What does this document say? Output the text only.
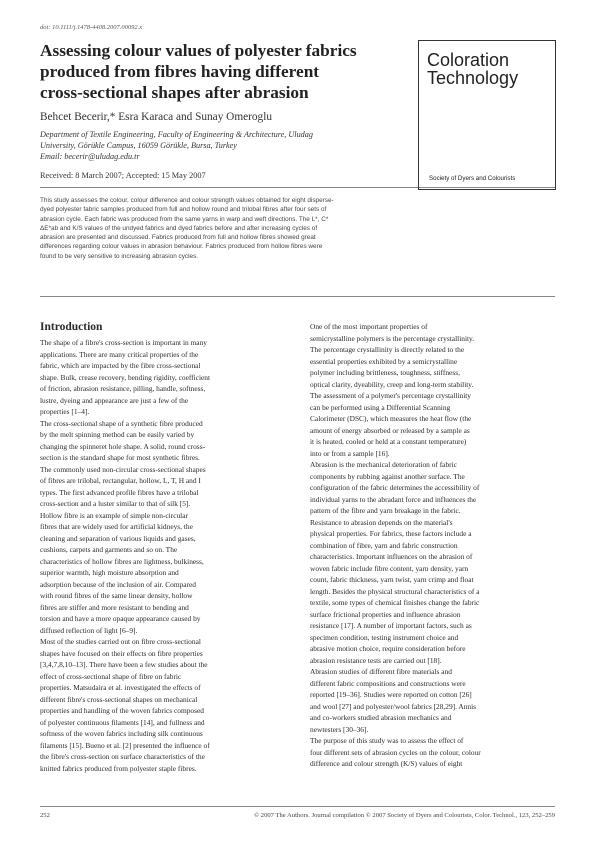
doi: 10.1111/j.1478-4408.2007.00092.x
Assessing colour values of polyester fabrics
produced from fibres having different
cross-sectional shapes after abrasion
Behcet Becerir,* Esra Karaca and Sunay Omeroglu
Department of Textile Engineering, Faculty of Engineering & Architecture, Uludag
University, Görükle Campus, 16059 Görükle, Bursa, Turkey
Email: becerir@uludag.edu.tr
Received: 8 March 2007; Accepted: 15 May 2007
Coloration
Technology
Society of Dyers and Colourists
This study assesses the colour, colour difference and colour strength values obtained for eight disperse-
dyed polyester fabric samples produced from full and hollow round and trilobal fibres after four sets of
abrasion cycle. Each fabric was produced from the same yarns in warp and weft directions. The L*, C*
ΔE*ab and K/S values of the undyed fabrics and dyed fabrics before and after increasing cycles of
abrasion are presented and discussed. Fabrics produced from full and hollow fibres showed great
differences regarding colour values in abrasion behaviour. Fabrics produced from hollow fibres were
found to be very sensitive to increasing abrasion cycles.
Introduction
The shape of a fibre's cross-section is important in many
applications. There are many critical properties of the
fabric, which are impacted by the fibre cross-sectional
shape. Bulk, crease recovery, bending rigidity, coefficient
of friction, abrasion resistance, pilling, handle, softness,
lustre, dyeing and appearance are just a few of the
properties [1–4].
The cross-sectional shape of a synthetic fibre produced
by the melt spinning method can be easily varied by
changing the spinneret hole shape. A solid, round cross-
section is the standard shape for most synthetic fibres.
The commonly used non-circular cross-sectional shapes
of fibres are trilobal, rectangular, hollow, L, T, H and I
types. The first advanced profile fibres have a trilobal
cross-section and a luster similar to that of silk [5].
Hollow fibre is an example of simple non-circular
fibres that are widely used for artificial kidneys, the
cleaning and separation of various liquids and gases,
cushions, carpets and garments and so on. The
characteristics of hollow fibres are lightness, bulkiness,
superior warmth, high moisture absorption and
adsorption because of the inclusion of air. Compared
with round fibres of the same linear density, hollow
fibres are stiffer and more resistant to bending and
torsion and have a more opaque appearance caused by
diffused reflection of light [6–9].
Most of the studies carried out on fibre cross-sectional
shapes have focused on their effects on fibre properties
[3,4,7,8,10–13]. There have been a few studies about the
effect of cross-sectional shape of fibre on fabric
properties. Matsudaira et al. investigated the effects of
different fibre's cross-sectional shapes on mechanical
properties and handling of the woven fabrics composed
of polyester continuous filaments [14], and fullness and
softness of the woven fabrics including silk continuous
filaments [15]. Bueno et al. [2] presented the influence of
the fibre's cross-section on surface characteristics of the
knitted fabrics produced from polyester staple fibres.
One of the most important properties of
semicrystalline polymers is the percentage crystallinity.
The percentage crystallinity is directly related to the
essential properties exhibited by a semicrystalline
polymer including brittleness, toughness, stiffness,
optical clarity, dyeability, creep and long-term stability.
The assessment of a polymer's percentage crystallinity
can be performed using a Differential Scanning
Calorimeter (DSC), which measures the heat flow (the
amount of energy absorbed or released by a sample as
it is heated, cooled or held at a constant temperature)
into or from a sample [16].
Abrasion is the mechanical deterioration of fabric
components by rubbing against another surface. The
configuration of the fabric determines the accessibility of
individual yarns to the abradant force and influences the
pattern of the fibre and yarn breakage in the fabric.
Resistance to abrasion depends on the material's
physical properties. For fabrics, these factors include a
combination of fibre, yarn and fabric construction
characteristics. Important influences on the abrasion of
woven fabric include fibre content, yarn density, yarn
count, fabric thickness, yarn twist, yarn crimp and float
length. Besides the physical structural characteristics of a
textile, some types of chemical finishes change the fabric
surface frictional properties and influence abrasion
resistance [17]. A number of important factors, such as
specimen condition, testing instrument choice and
abrasive motion choice, require consideration before
abrasion resistance tests are carried out [18].
Abrasion studies of different fibre materials and
different fabric compositions and constructions were
reported [19–36]. Studies were reported on cotton [26]
and wool [27] and polyester/wool fabrics [28,29]. Annis
and co-workers studied abrasion mechanics and
newtesters [30–36].
The purpose of this study was to assess the effect of
four different sets of abrasion cycles on the colour, colour
difference and colour strength (K/S) values of eight
252	© 2007 The Authors. Journal compilation © 2007 Society of Dyers and Colourists, Color. Technol., 123, 252–259
